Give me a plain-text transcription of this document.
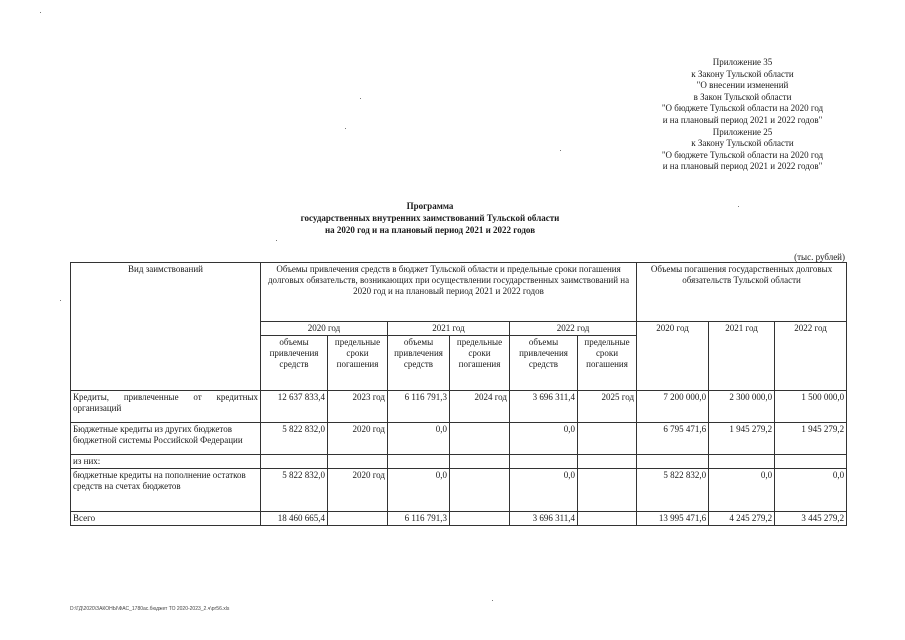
Приложение 35
к Закону Тульской области
"О внесении изменений
в Закон Тульской области
"О бюджете Тульской области на 2020 год
и на плановый период 2021 и 2022 годов"
Приложение 25
к Закону Тульской области
"О бюджете Тульской области на 2020 год
и на плановый период 2021 и 2022 годов"
Программа
государственных внутренних заимствований Тульской области
на 2020 год и на плановый период 2021 и 2022 годов
(тыс. рублей)
Вид заимствований	Объемы привлечения средств в бюджет Тульской области и предельные сроки погашения долговых обязательств, возникающих при осуществлении государственных заимствований на 2020 год и на плановый период 2021 и 2022 годов						Объемы погашения государственных долговых обязательств Тульской области		
	2020 год		2021 год		2022 год		2020 год	2021 год	2022 год
	объемы привлечения средств	предельные сроки погашения	объемы привлечения средств	предельные сроки погашения	объемы привлечения средств	предельные сроки погашения			
Кредиты, привлеченные от кредитных организаций	12 637 833,4	2023 год	6 116 791,3	2024 год	3 696 311,4	2025 год	7 200 000,0	2 300 000,0	1 500 000,0
Бюджетные кредиты из других бюджетов бюджетной системы Российской Федерации	5 822 832,0	2020 год	0,0		0,0		6 795 471,6	1 945 279,2	1 945 279,2
из них:									
бюджетные кредиты на пополнение остатков средств на счетах бюджетов	5 822 832,0	2020 год	0,0		0,0		5 822 832,0	0,0	0,0
Всего	18 460 665,4		6 116 791,3		3 696 311,4		13 995 471,6	4 245 279,2	3 445 279,2
D:\ГД\2020\ЗАКОНЫ\ФАС_1780ас.бюджет ТО 2020-2023_2.ч\рг56.xls
